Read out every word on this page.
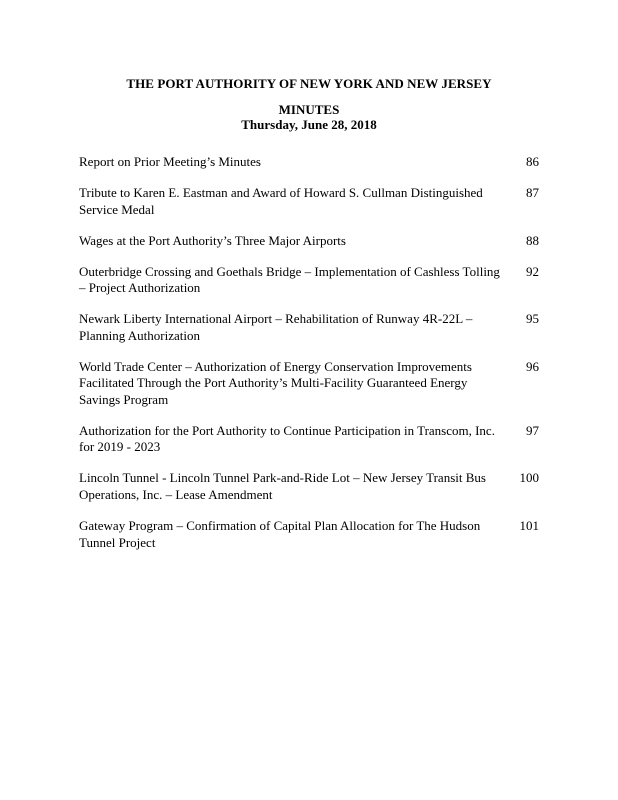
THE PORT AUTHORITY OF NEW YORK AND NEW JERSEY
MINUTES
Thursday, June 28, 2018
Report on Prior Meeting’s Minutes	86
Tribute to Karen E. Eastman and Award of Howard S. Cullman Distinguished Service Medal
87
Wages at the Port Authority’s Three Major Airports	88
Outerbridge Crossing and Goethals Bridge – Implementation of Cashless Tolling – Project Authorization
92
Newark Liberty International Airport – Rehabilitation of Runway 4R-22L – Planning Authorization
95
World Trade Center – Authorization of Energy Conservation Improvements Facilitated Through the Port Authority’s Multi-Facility Guaranteed Energy Savings Program
96
Authorization for the Port Authority to Continue Participation in Transcom, Inc. for 2019 - 2023
97
Lincoln Tunnel - Lincoln Tunnel Park-and-Ride Lot – New Jersey Transit Bus Operations, Inc. – Lease Amendment
100
Gateway Program – Confirmation of Capital Plan Allocation for The Hudson Tunnel Project
101
